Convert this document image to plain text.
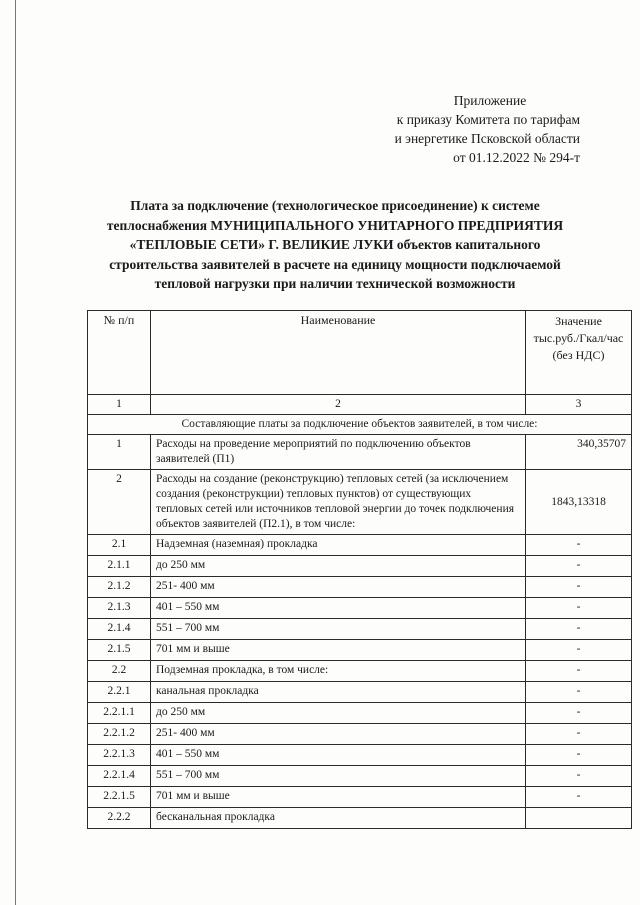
Приложение
к приказу Комитета по тарифам
и энергетике Псковской области
от 01.12.2022 № 294-т
Плата за подключение (технологическое присоединение) к системе
теплоснабжения МУНИЦИПАЛЬНОГО УНИТАРНОГО ПРЕДПРИЯТИЯ
«ТЕПЛОВЫЕ СЕТИ» Г. ВЕЛИКИЕ ЛУКИ объектов капитального
строительства заявителей в расчете на единицу мощности подключаемой
тепловой нагрузки при наличии технической возможности
№ п/п	Наименование	Значение тыс.руб./Гкал/час (без НДС)
1	2	3
Составляющие платы за подключение объектов заявителей, в том числе:		
1	Расходы на проведение мероприятий по подключению объектов заявителей (П1)	340,35707
2	Расходы на создание (реконструкцию) тепловых сетей (за исключением создания (реконструкции) тепловых пунктов) от существующих тепловых сетей или источников тепловой энергии до точек подключения объектов заявителей (П2.1), в том числе:	1843,13318
2.1	Надземная (наземная) прокладка	-
2.1.1	до 250 мм	-
2.1.2	251- 400 мм	-
2.1.3	401 – 550 мм	-
2.1.4	551 – 700 мм	-
2.1.5	701 мм и выше	-
2.2	Подземная прокладка, в том числе:	-
2.2.1	канальная прокладка	-
2.2.1.1	до 250 мм	-
2.2.1.2	251- 400 мм	-
2.2.1.3	401 – 550 мм	-
2.2.1.4	551 – 700 мм	-
2.2.1.5	701 мм и выше	-
2.2.2	бесканальная прокладка	
